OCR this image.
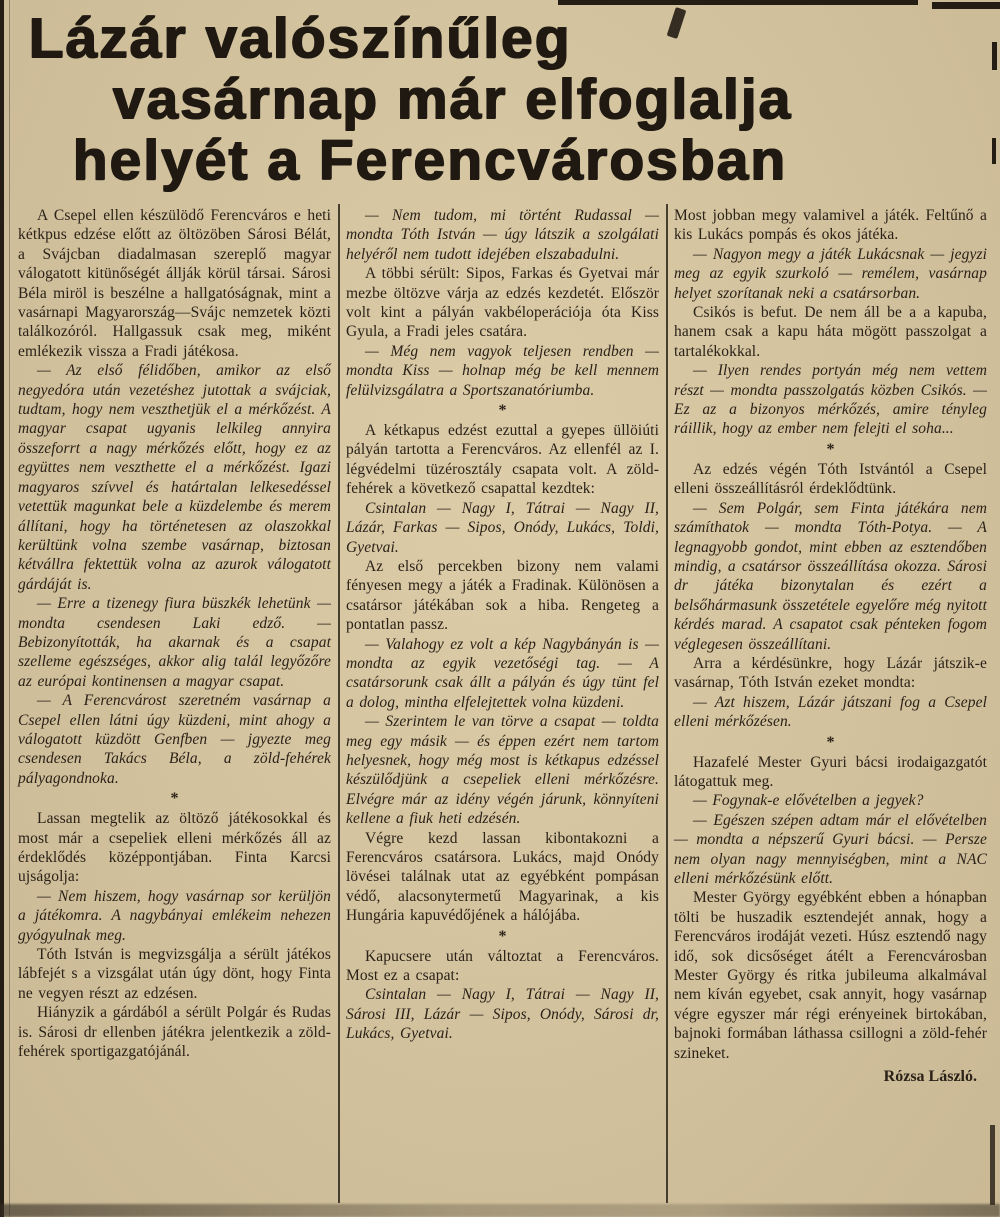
Lázár valószínűleg
vasárnap már elfoglalja
helyét a Ferencvárosban

A Csepel ellen készülödő Ferencváros e heti kétkpus edzése előtt az öltözöben Sárosi Bélát, a Svájcban diadalmasan szereplő magyar válogatott kitünőségét állják körül társai. Sárosi Béla miröl is beszélne a hallgatóságnak, mint a vasárnapi Magyarország—Svájc nemzetek közti találkozóról. Hallgassuk csak meg, miként emlékezik vissza a Fradi játékosa.

— Az első félidőben, amikor az első negyedóra után vezetéshez jutottak a svájciak, tudtam, hogy nem veszthetjük el a mérkőzést. A magyar csapat ugyanis lelkileg annyira összeforrt a nagy mérkőzés előtt, hogy ez az együttes nem veszthette el a mérkőzést. Igazi magyaros szívvel és határtalan lelkesedéssel vetettük magunkat bele a küzdelembe és merem állítani, hogy ha történetesen az olaszokkal kerültünk volna szembe vasárnap, biztosan kétvállra fektettük volna az azurok válogatott gárdáját is.

— Erre a tizenegy fiura büszkék lehetünk — mondta csendesen Laki edző. — Bebizonyították, ha akarnak és a csapat szelleme egészséges, akkor alig talál legyőzőre az európai kontinensen a magyar csapat.

— A Ferencvárost szeretném vasárnap a Csepel ellen látni úgy küzdeni, mint ahogy a válogatott küzdött Genfben — jgyezte meg csendesen Takács Béla, a zöld-fehérek pályagondnoka.

*

Lassan megtelik az öltöző játékosokkal és most már a csepeliek elleni mérkőzés áll az érdeklődés középpontjában. Finta Karcsi ujságolja:

— Nem hiszem, hogy vasárnap sor kerüljön a játékomra. A nagybányai emlékeim nehezen gyógyulnak meg.

Tóth István is megvizsgálja a sérült játékos lábfejét s a vizsgálat után úgy dönt, hogy Finta ne vegyen részt az edzésen.

Hiányzik a gárdából a sérült Polgár és Rudas is. Sárosi dr ellenben játékra jelentkezik a zöld-fehérek sportigazgatójánál.

— Nem tudom, mi történt Rudassal — mondta Tóth István — úgy látszik a szolgálati helyéről nem tudott idejében elszabadulni.

A többi sérült: Sipos, Farkas és Gyetvai már mezbe öltözve várja az edzés kezdetét. Először volt kint a pályán vakbéloperációja óta Kiss Gyula, a Fradi jeles csatára.

— Még nem vagyok teljesen rendben — mondta Kiss — holnap még be kell mennem felülvizsgálatra a Sportszanatóriumba.

*

A kétkapus edzést ezuttal a gyepes üllöiúti pályán tartotta a Ferencváros. Az ellenfél az I. légvédelmi tüzérosztály csapata volt. A zöld-fehérek a következő csapattal kezdtek:

Csintalan — Nagy I, Tátrai — Nagy II, Lázár, Farkas — Sipos, Onódy, Lukács, Toldi, Gyetvai.

Az első percekben bizony nem valami fényesen megy a játék a Fradinak. Különösen a csatársor játékában sok a hiba. Rengeteg a pontatlan passz.

— Valahogy ez volt a kép Nagybányán is — mondta az egyik vezetőségi tag. — A csatársorunk csak állt a pályán és úgy tünt fel a dolog, mintha elfelejtettek volna küzdeni.

— Szerintem le van törve a csapat — toldta meg egy másik — és éppen ezért nem tartom helyesnek, hogy még most is kétkapus edzéssel készülődjünk a csepeliek elleni mérkőzésre. Elvégre már az idény végén járunk, könnyíteni kellene a fiuk heti edzésén.

Végre kezd lassan kibontakozni a Ferencváros csatársora. Lukács, majd Onódy lövései találnak utat az egyébként pompásan védő, alacsonytermetű Magyarinak, a kis Hungária kapuvédőjének a hálójába.

*

Kapucsere után változtat a Ferencváros. Most ez a csapat:

Csintalan — Nagy I, Tátrai — Nagy II, Sárosi III, Lázár — Sipos, Onódy, Sárosi dr, Lukács, Gyetvai.

Most jobban megy valamivel a játék. Feltűnő a kis Lukács pompás és okos játéka.

— Nagyon megy a játék Lukácsnak — jegyzi meg az egyik szurkoló — remélem, vasárnap helyet szorítanak neki a csatársorban.

Csikós is befut. De nem áll be a a kapuba, hanem csak a kapu háta mögött passzolgat a tartalékokkal.

— Ilyen rendes portyán még nem vettem részt — mondta passzolgatás közben Csikós. — Ez az a bizonyos mérkőzés, amire tényleg ráillik, hogy az ember nem felejti el soha...

*

Az edzés végén Tóth Istvántól a Csepel elleni összeállításról érdeklődtünk.

— Sem Polgár, sem Finta játékára nem számíthatok — mondta Tóth-Potya. — A legnagyobb gondot, mint ebben az esztendőben mindig, a csatársor összeállítása okozza. Sárosi dr játéka bizonytalan és ezért a belsőhármasunk összetétele egyelőre még nyitott kérdés marad. A csapatot csak pénteken fogom véglegesen összeállítani.

Arra a kérdésünkre, hogy Lázár játszik-e vasárnap, Tóth István ezeket mondta:

— Azt hiszem, Lázár játszani fog a Csepel elleni mérkőzésen.

*

Hazafelé Mester Gyuri bácsi irodaigazgatót látogattuk meg.

— Fogynak-e elővételben a jegyek?

— Egészen szépen adtam már el elővételben — mondta a népszerű Gyuri bácsi. — Persze nem olyan nagy mennyiségben, mint a NAC elleni mérkőzésünk előtt.

Mester György egyébként ebben a hónapban tölti be huszadik esztendejét annak, hogy a Ferencváros irodáját vezeti. Húsz esztendő nagy idő, sok dicsőséget átélt a Ferencvárosban Mester György és ritka jubileuma alkalmával nem kíván egyebet, csak annyit, hogy vasárnap végre egyszer már régi erényeinek birtokában, bajnoki formában láthassa csillogni a zöld-fehér szineket.

Rózsa László.
